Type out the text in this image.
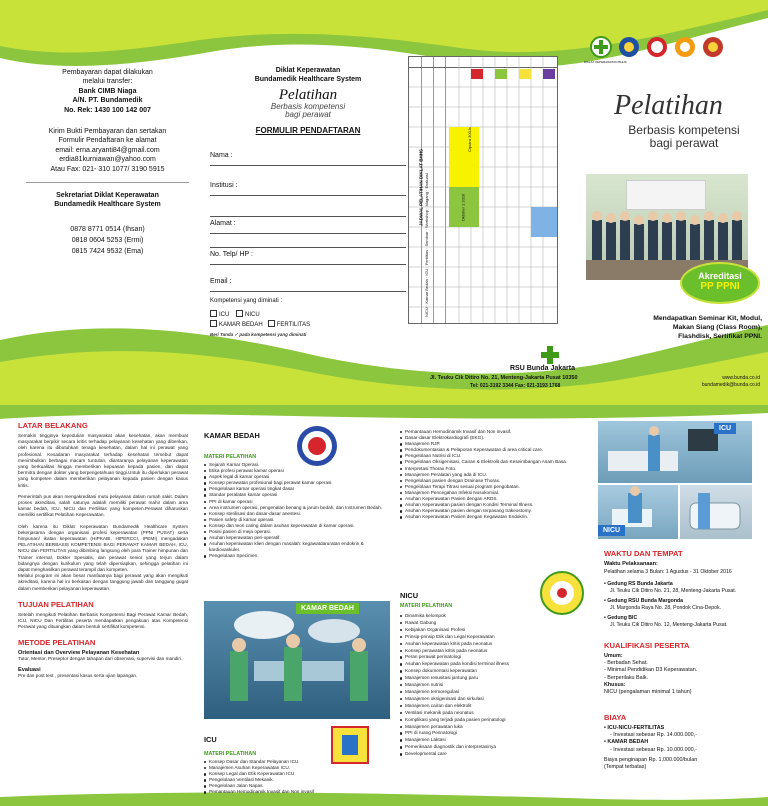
Pembayaran dapat dilakukan
melalui transfer:
Bank CIMB Niaga
A/N. PT. Bundamedik
No. Rek: 1430 100 142 007
Kirim Bukti Pembayaran dan sertakan
Formulir Pendaftaran ke alamat
email: erna.aryanti84@gmail.com
erdia81kurniawan@yahoo.com
Atau Fax: 021- 310 1077/ 3190 5915
Sekretariat Diklat Keperawatan
Bundamedik Healthcare System
0878 8771 0514 (Ihsan)
0818 0604 5253 (Ermi)
0815 7424 9532 (Ema)
Diklat Keperawatan
Bundamedik Healthcare System
Pelatihan
Berbasis kompetensi
bagi perawat
FORMULIR PENDAFTARAN
Nama :
Institusi :
Alamat :
No. Telp/ HP :
Email :
Kompetensi yang diminati :
ICU	NICU
KAMAR BEDAH FERTILITAS
Beri Tanda ✓ pada kompetensi yang diminati
Ciputra 300Jx
Oktober 1 2016
JADWAL PELATIHAN DIKLAT BHHS
NICU · Kamar Bedah · ICU · Fertilitas · Seminar · Workshop · Magang · Evaluasi
RSU Bunda Jakarta
Jl. Teuku Cik Ditiro No. 21, Menteng-Jakarta Pusat 10350
Tel: 021-3192 3344 Fax: 021-3193 1768
DIKLAT KEPERAWATAN BHHS
Pelatihan
Berbasis kompetensi
bagi perawat
Akreditasi
PP PPNI
Mendapatkan Seminar Kit, Modul,
Makan Siang (Class Room),
Flashdisk, Sertifikat PPNI.
www.bunda.co.id
bundamedik@bunda.co.id
LATAR BELAKANG

Semakin tingginya kepedulian masyarakat akan kesehatan, akan membuat masyarakat berpikir secara kritis terhadap pelayanan kesehatan yang diberikan, oleh karena itu dibutuhkan tenaga kesehatan, dalam hal ini perawat yang profesional. Kesadaran masyarakat terhadap kesehatan tersebut dapat menimbulkan berbagai macam tuntutan, diantaranya pelayanan keperawatan yang berkualitas hingga memberikan kepuasan kepada pasien, dan dapat bermitra dengan dokter yang berpengetahuan tinggi.Untuk itu diperlukan perawat yang kompeten dalam memberikan pelayanan kepada pasien dengan kasus kritis.

Pemerintah pun akan mengakreditasi mutu pelayanan dalam rumah sakit. Dalam proses akreditasi, salah satunya adalah memiliki perawat mahir dalam area kamar bedah, ICU, NICU dan Fertilitas yang kompeten.Perawat diharuskan memiliki sertifikat Pelatihan Keperawatan.

Oleh karena itu Diklat Keperawatan Bundamedik Healthcare System bekerjasama dengan organisasi profesi keperawatan (PPNI PUSAT) serta himpunan/ ikatan keperawatan (HIPKABI, HIPERCCI, IPEMI) mengadakan PELATIHAN BERBASIS KOMPETENSI BAGI PERAWAT KAMAR BEDAH, ICU, NICU dan FERTILITAS yang dibimbing langsung oleh para Trainer himpunan dan Trainer internal, Dokter Spesialis, dan perawat senior yang terjun dalam bidangnya dengan kurikulum yang telah dipersiapkan, sehingga pelatihan ini dapat menghasilkan perawat terampil dan kompeten.

Melalui program ini akan besar manfaatnya bagi perawat yang akan mengikuti akreditasi, karena hal ini berkaitan dengan tanggung jawab dan tanggung gugat dalam memberikan pelayanan keperawatan.

TUJUAN PELATIHAN

Setelah mengikuti Pelatihan Berbasis Kompetensi Bagi Perawat Kamar Bedah, ICU, NICU Dan Fertilitas peserta mendapatkan pengakuan atas Kompetensi Perawat yang dituangkan dalam bentuk sertifikat kompetensi.

METODE PELATIHAN
Orientasi dan Overview Pelayanan Kesehatan

Tutor, Mentor, Preseptor dengan tahapan dari observasi, supervisi dan mandiri.

Evaluasi

Pre dan post test , presentasi kasus serta ujian lapangan.

KAMAR BEDAH
MATERI PELATIHAN
Sejarah Kamar Operasi.
Etika profesi perawat kamar operasi
Aspek legal di kamar operasi
Konsep perawatan profesional bagi perawat kamar operasi
Pengelolaan kamar operasi tingkat dasar
Standar peralatan kamar operasi
PPI di kamar operasi
Area instrumen operasi, pengenalan benang & jarum bedah, dan Instrumen Bedah.
Konsep sterilisasi dan dasar-dasar anestesi.
Pasien safety di kamar operasi.
Konsep dan teori caring dalam asuhan keperawatan di kamar operasi.
Posisi pasien di meja operasi.
Asuhan keperawatan peri-operatif.
Asuhan keperawatan klien dengan masalah: kegawatdaruratan endokrin & kardiovaskuler.
Pengelolaan Specimen.
KAMAR BEDAH
ICU
MATERI PELATIHAN
Konsep Dasar dan Standar Pelayanan ICU.
Manajemen Asuhan Keperawatan ICU.
Konsep Legal dan Etik Keperawatan ICU
Pengelolaan Ventilasi Mekanik.
Pengelolaan Jalan Napas.
Pemantauan Hemodinamik Invasif dan Non invasif
Pemantauan Hemodinamik Invasif dan Non invasif.
Dasar-dasar Elektrokardiografi (EKG).
Manajemen RJP.
Pendokumentasian & Pelaporan Keperawatan di area critical care.
Pengelolaan Nutrisi di ICU.
Pengelolaan Oksigenisasi, Cairan & Elektrolit dan Keseimbangan Asam Basa.
Interpretasi Thorax Foto.
Manajemen Peralatan yang ada di ICU.
Pengelolaan pasien dengan Drainase Thorax.
Pengelolaan Terapi Titrasi sesuai program pengobatan.
Manajemen Pencegahan Infeksi Nosokomial.
Asuhan Keperawatan Pasien dengan ARDS.
Asuhan Keperawatan pasien dengan Kondisi Terminal Illness.
Asuhan Keperawatan pasien dengan terpasang trakeostomy.
Asuhan Keperawatan Pasien dengan Kegawatan Endokrin.
NICU
MATERI PELATIHAN
Dinamika kelompok
Rawat Gabung
Kebijakan Organisasi Profesi
Prinsip-prinsip Etik dan Legal Keperawatan
Asuhan keperawatan kritis pada neonatus
Konsep perawatan kritis pada neonatus
Peran perawat perinatologi
Asuhan keperawatan pada kondisi terminal illness
Konsep dokumentasi keperawatan
Manajemen resusitasi jantung paru
Manajemen nutrisi
Manajemen termoregulasi
Manajemen oksigenisasi dan sirkulasi
Manajemen cairan dan elektrolit
Ventilasi mekanik pada neonatus
Komplikasi yang terjadi pada pasien perinatologi
Manajemen perawatan luka
PPI di ruang Perinatologi
Manajemen Laktasi
Pemeriksaan diagnostik dan interpretasinya
Developmental care
ICU
NICU
WAKTU DAN TEMPAT
Waktu Pelaksanaan:
Pelatihan selama 3 Bulan: 1 Agustus - 31 Oktober 2016
• Gedung RS Bunda Jakarta
Jl. Teuku Cik Ditiro No. 21, 28, Menteng-Jakarta Pusat.
• Gedung RSU Bunda Margonda
Jl. Margonda Raya No. 28, Pondok Cina-Depok.
• Gedung BIC
Jl. Teuku Cik Ditiro No. 12, Menteng-Jakarta Pusat.
KUALIFIKASI PESERTA
Umum:
- Berbadan Sehat.
- Minimal Pendidikan D3 Keperawatan.
- Berperilaku Baik.
Khusus:
NICU (pengalaman minimal 1 tahun)
BIAYA
• ICU-NICU-FERTILITAS
- Investasi sebesar Rp. 14.000.000,-
• KAMAR BEDAH
- Investasi sebesar Rp. 10.000.000,-
Biaya penginapan Rp. 1.000.000/bulan
(Tempat terbatas)
